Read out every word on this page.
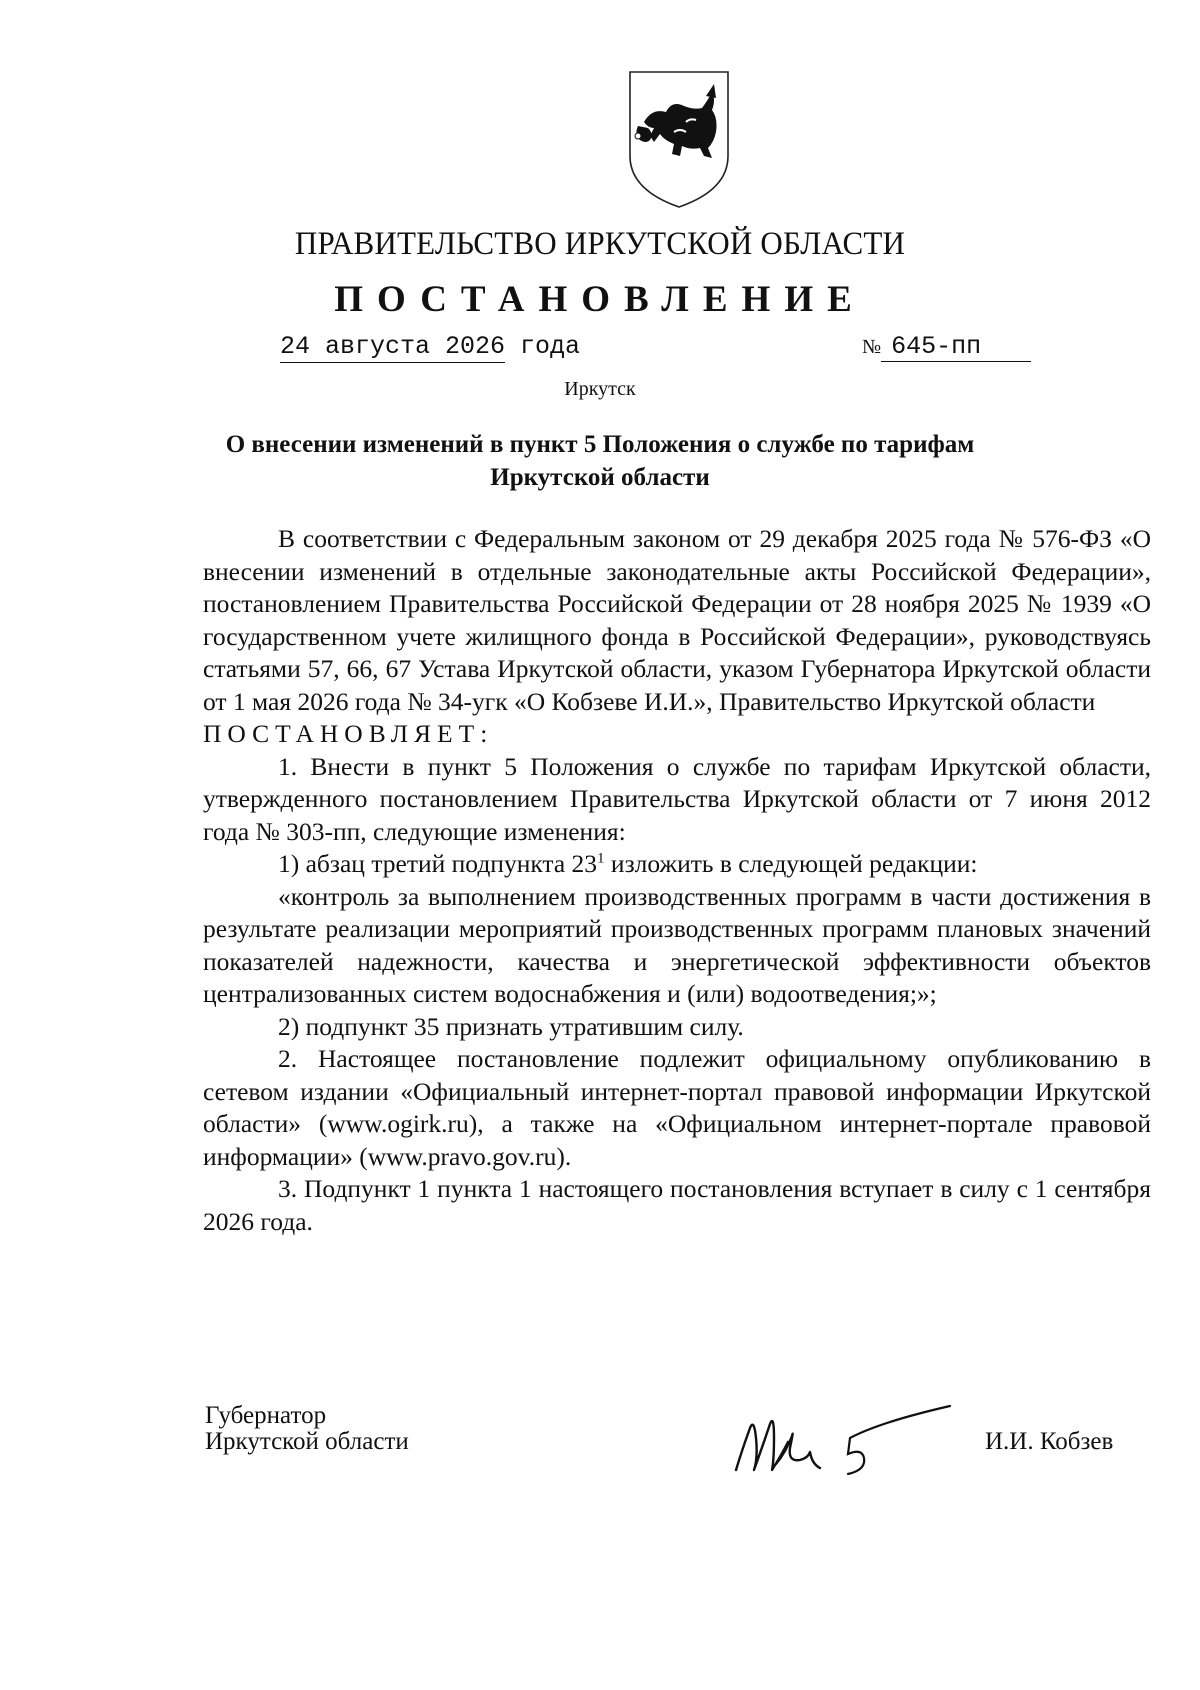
ПРАВИТЕЛЬСТВО ИРКУТСКОЙ ОБЛАСТИ
ПОСТАНОВЛЕНИЕ
24 августа 2026 года	№ 645-пп
Иркутск
О внесении изменений в пункт 5 Положения о службе по тарифам
Иркутской области

В соответствии с Федеральным законом от 29 декабря 2025 года № 576-ФЗ «О внесении изменений в отдельные законодательные акты Российской Федерации», постановлением Правительства Российской Федерации от 28 ноября 2025 № 1939 «О государственном учете жилищного фонда в Российской Федерации», руководствуясь статьями 57, 66, 67 Устава Иркутской области, указом Губернатора Иркутской области от 1 мая 2026 года № 34-угк «О Кобзеве И.И.», Правительство Иркутской области

ПОСТАНОВЛЯЕТ:

1. Внести в пункт 5 Положения о службе по тарифам Иркутской области, утвержденного постановлением Правительства Иркутской области от 7 июня 2012 года № 303-пп, следующие изменения:

1) абзац третий подпункта $23^1$ изложить в следующей редакции:

«контроль за выполнением производственных программ в части достижения в результате реализации мероприятий производственных программ плановых значений показателей надежности, качества и энергетической эффективности объектов централизованных систем водоснабжения и (или) водоотведения;»;

2) подпункт 35 признать утратившим силу.

2. Настоящее постановление подлежит официальному опубликованию в сетевом издании «Официальный интернет-портал правовой информации Иркутской области» (www.ogirk.ru), а также на «Официальном интернет-портале правовой информации» (www.pravo.gov.ru).

3. Подпункт 1 пункта 1 настоящего постановления вступает в силу с 1 сентября 2026 года.

Губернатор
Иркутской области	И.И. Кобзев
